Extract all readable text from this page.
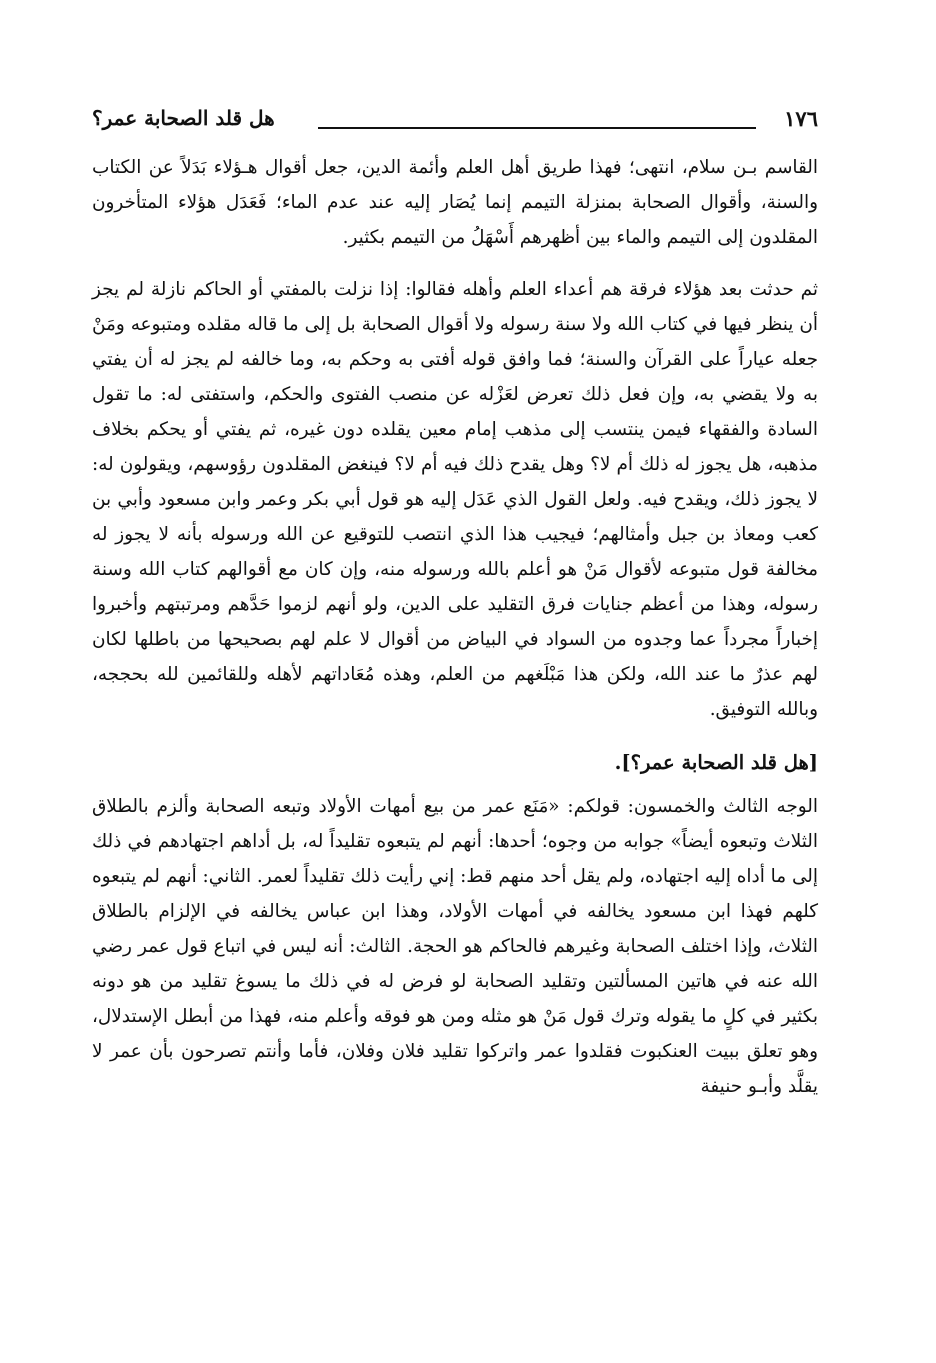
١٧٦
هل قلد الصحابة عمر؟

القاسم بـن سلام، انتهى؛ فهذا طريق أهل العلم وأئمة الدين، جعل أقوال هـؤلاء بَدَلاً عن الكتاب والسنة، وأقوال الصحابة بمنزلة التيمم إنما يُصَار إليه عند عدم الماء؛ فَعَدَل هؤلاء المتأخرون المقلدون إلى التيمم والماء بين أظهرهم أَسْهَلُ من التيمم بكثير.

ثم حدثت بعد هؤلاء فرقة هم أعداء العلم وأهله فقالوا: إذا نزلت بالمفتي أو الحاكم نازلة لم يجز أن ينظر فيها في كتاب الله ولا سنة رسوله ولا أقوال الصحابة بل إلى ما قاله مقلده ومتبوعه ومَنْ جعله عياراً على القرآن والسنة؛ فما وافق قوله أفتى به وحكم به، وما خالفه لم يجز له أن يفتي به ولا يقضي به، وإن فعل ذلك تعرض لعَزْله عن منصب الفتوى والحكم، واستفتى له: ما تقول السادة والفقهاء فيمن ينتسب إلى مذهب إمام معين يقلده دون غيره، ثم يفتي أو يحكم بخلاف مذهبه، هل يجوز له ذلك أم لا؟ وهل يقدح ذلك فيه أم لا؟ فينغض المقلدون رؤوسهم، ويقولون له: لا يجوز ذلك، ويقدح فيه. ولعل القول الذي عَدَل إليه هو قول أبي بكر وعمر وابن مسعود وأبي بن كعب ومعاذ بن جبل وأمثالهم؛ فيجيب هذا الذي انتصب للتوقيع عن الله ورسوله بأنه لا يجوز له مخالفة قول متبوعه لأقوال مَنْ هو أعلم بالله ورسوله منه، وإن كان مع أقوالهم كتاب الله وسنة رسوله، وهذا من أعظم جنايات فرق التقليد على الدين، ولو أنهم لزموا حَدَّهم ومرتبتهم وأخبروا إخباراً مجرداً عما وجدوه من السواد في البياض من أقوال لا علم لهم بصحيحها من باطلها لكان لهم عذرٌ ما عند الله، ولكن هذا مَبْلَغهم من العلم، وهذه مُعَاداتهم لأهله وللقائمين لله بحججه، وبالله التوفيق.

[هل قلد الصحابة عمر؟].

الوجه الثالث والخمسون: قولكم: «مَنَع عمر من بيع أمهات الأولاد وتبعه الصحابة وألزم بالطلاق الثلاث وتبعوه أيضاً» جوابه من وجوه؛ أحدها: أنهم لم يتبعوه تقليداً له، بل أداهم اجتهادهم في ذلك إلى ما أداه إليه اجتهاده، ولم يقل أحد منهم قط: إني رأيت ذلك تقليداً لعمر. الثاني: أنهم لم يتبعوه كلهم فهذا ابن مسعود يخالفه في أمهات الأولاد، وهذا ابن عباس يخالفه في الإلزام بالطلاق الثلاث، وإذا اختلف الصحابة وغيرهم فالحاكم هو الحجة. الثالث: أنه ليس في اتباع قول عمر رضي الله عنه في هاتين المسألتين وتقليد الصحابة لو فرض له في ذلك ما يسوغ تقليد من هو دونه بكثير في كلٍ ما يقوله وترك قول مَنْ هو مثله ومن هو فوقه وأعلم منه، فهذا من أبطل الإستدلال، وهو تعلق ببيت العنكبوت فقلدوا عمر واتركوا تقليد فلان وفلان، فأما وأنتم تصرحون بأن عمر لا يقلَّد وأبـو حنيفة
